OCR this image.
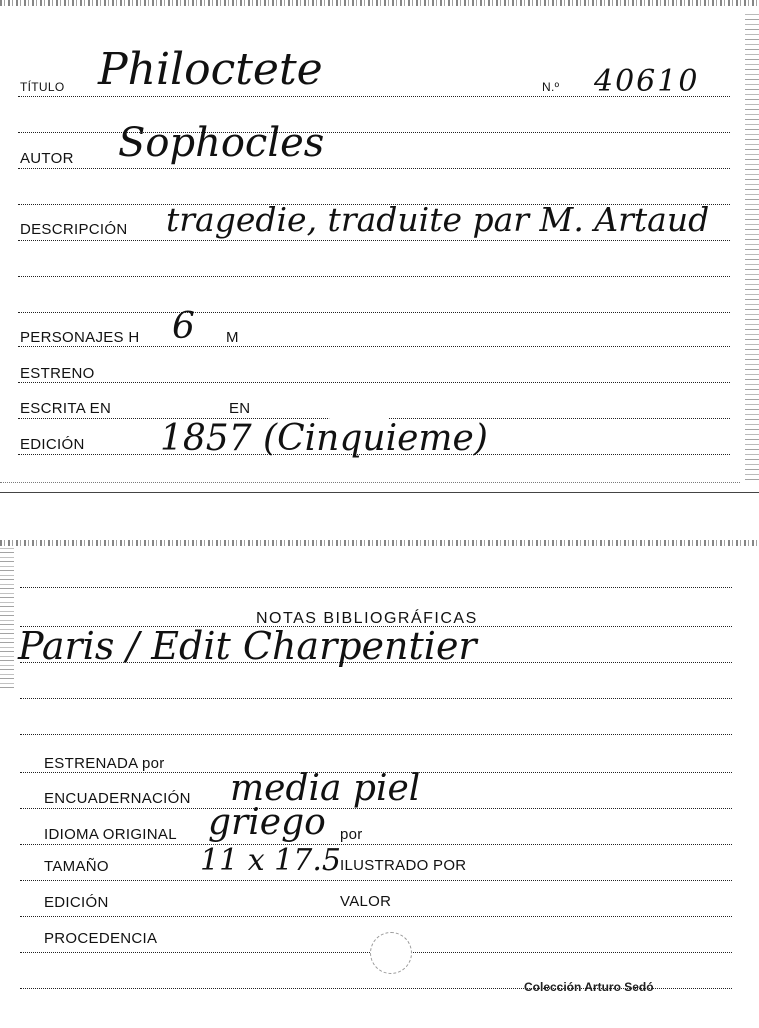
TÍTULO Philoctete	N.º 40610
AUTOR Sophocles
DESCRIPCIÓN tragedie, traduite par M. Artaud
PERSONAJES H 6 M
ESTRENO
ESCRITA EN	EN
EDICIÓN 1857 (Cinquieme)
NOTAS BIBLIOGRÁFICAS
Paris / Edit Charpentier
ESTRENADA por
ENCUADERNACIÓN media piel
IDIOMA ORIGINAL griego por
TAMAÑO	11 x 17.5 ILUSTRADO POR
EDICIÓN	VALOR
PROCEDENCIA
Colección Arturo Sedó
